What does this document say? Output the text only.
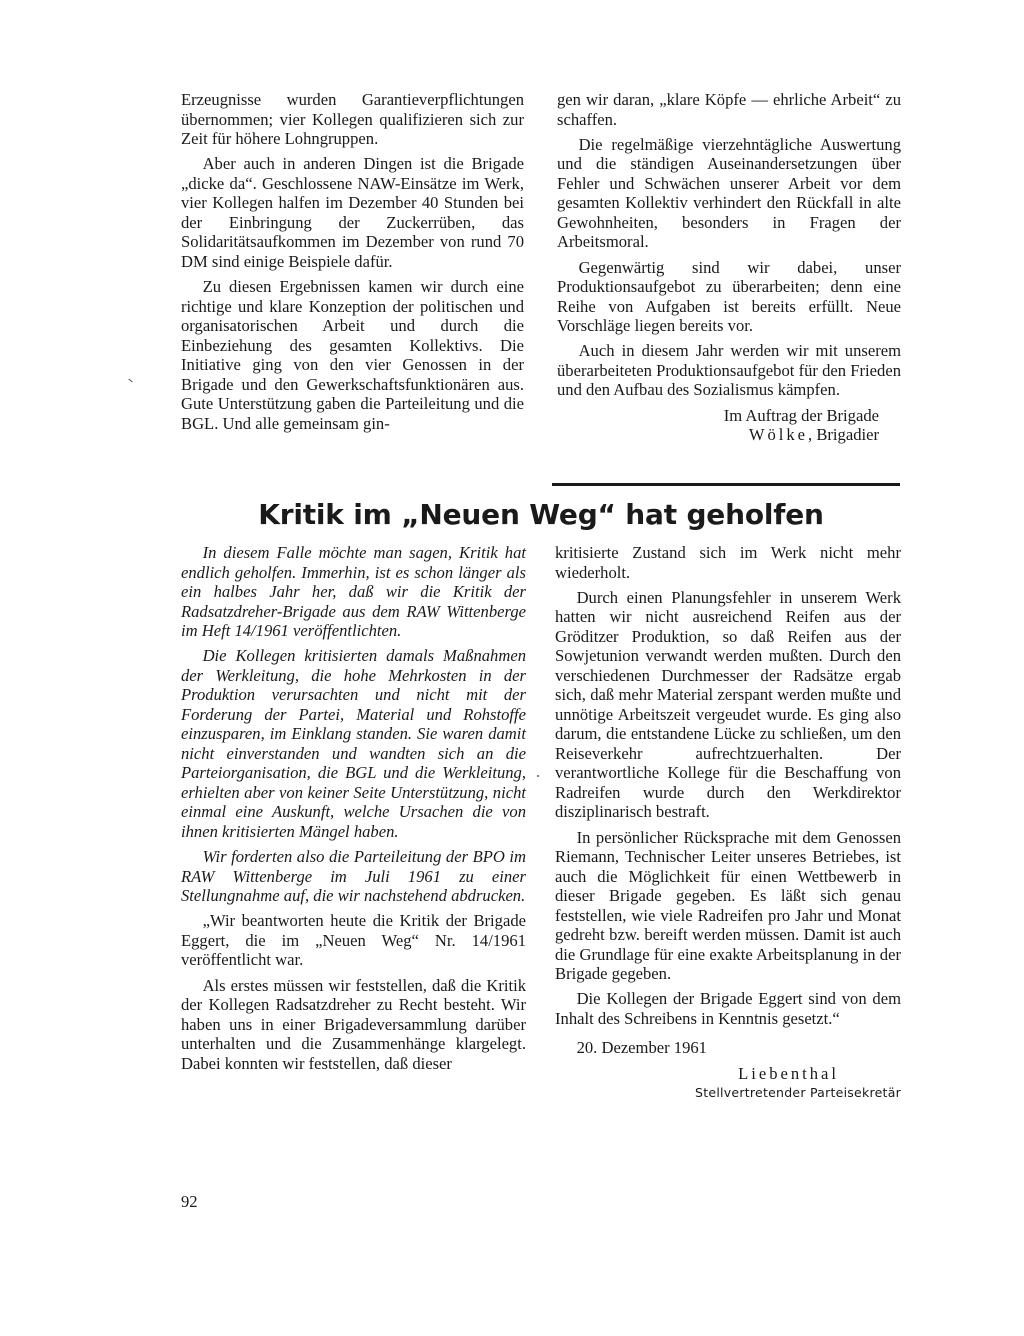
Erzeugnisse wurden Garantieverpflichtungen übernommen; vier Kollegen qualifizieren sich zur Zeit für höhere Lohngruppen.

Aber auch in anderen Dingen ist die Brigade „dicke da“. Geschlossene NAW-Einsätze im Werk, vier Kollegen halfen im Dezember 40 Stunden bei der Einbringung der Zuckerrüben, das Solidaritätsaufkommen im Dezember von rund 70 DM sind einige Beispiele dafür.

Zu diesen Ergebnissen kamen wir durch eine richtige und klare Konzeption der politischen und organisatorischen Arbeit und durch die Einbeziehung des gesamten Kollektivs. Die Initiative ging von den vier Genossen in der Brigade und den Gewerkschaftsfunktionären aus. Gute Unterstützung gaben die Parteileitung und die BGL. Und alle gemeinsam gin-

gen wir daran, „klare Köpfe — ehrliche Arbeit“ zu schaffen.

Die regelmäßige vierzehntägliche Auswertung und die ständigen Auseinandersetzungen über Fehler und Schwächen unserer Arbeit vor dem gesamten Kollektiv verhindert den Rückfall in alte Gewohnheiten, besonders in Fragen der Arbeitsmoral.

Gegenwärtig sind wir dabei, unser Produktionsaufgebot zu überarbeiten; denn eine Reihe von Aufgaben ist bereits erfüllt. Neue Vorschläge liegen bereits vor.

Auch in diesem Jahr werden wir mit unserem überarbeiteten Produktionsaufgebot für den Frieden und den Aufbau des Sozialismus kämpfen.

Im Auftrag der Brigade
Wölke, Brigadier
Kritik im „Neuen Weg“ hat geholfen

In diesem Falle möchte man sagen, Kritik hat endlich geholfen. Immerhin, ist es schon länger als ein halbes Jahr her, daß wir die Kritik der Radsatzdreher-Brigade aus dem RAW Wittenberge im Heft 14/1961 veröffentlichten.

Die Kollegen kritisierten damals Maßnahmen der Werkleitung, die hohe Mehrkosten in der Produktion verursachten und nicht mit der Forderung der Partei, Material und Rohstoffe einzusparen, im Einklang standen. Sie waren damit nicht einverstanden und wandten sich an die Parteiorganisation, die BGL und die Werkleitung, erhielten aber von keiner Seite Unterstützung, nicht einmal eine Auskunft, welche Ursachen die von ihnen kritisierten Mängel haben.

Wir forderten also die Parteileitung der BPO im RAW Wittenberge im Juli 1961 zu einer Stellungnahme auf, die wir nachstehend abdrucken.

„Wir beantworten heute die Kritik der Brigade Eggert, die im „Neuen Weg“ Nr. 14/1961 veröffentlicht war.

Als erstes müssen wir feststellen, daß die Kritik der Kollegen Radsatzdreher zu Recht besteht. Wir haben uns in einer Brigadeversammlung darüber unterhalten und die Zusammenhänge klargelegt. Dabei konnten wir feststellen, daß dieser

kritisierte Zustand sich im Werk nicht mehr wiederholt.

Durch einen Planungsfehler in unserem Werk hatten wir nicht ausreichend Reifen aus der Gröditzer Produktion, so daß Reifen aus der Sowjetunion verwandt werden mußten. Durch den verschiedenen Durchmesser der Radsätze ergab sich, daß mehr Material zerspant werden mußte und unnötige Arbeitszeit vergeudet wurde. Es ging also darum, die entstandene Lücke zu schließen, um den Reiseverkehr aufrechtzuerhalten. Der verantwortliche Kollege für die Beschaffung von Radreifen wurde durch den Werkdirektor disziplinarisch bestraft.

In persönlicher Rücksprache mit dem Genossen Riemann, Technischer Leiter unseres Betriebes, ist auch die Möglichkeit für einen Wettbewerb in dieser Brigade gegeben. Es läßt sich genau feststellen, wie viele Radreifen pro Jahr und Monat gedreht bzw. bereift werden müssen. Damit ist auch die Grundlage für eine exakte Arbeitsplanung in der Brigade gegeben.

Die Kollegen der Brigade Eggert sind von dem Inhalt des Schreibens in Kenntnis gesetzt.“

20. Dezember 1961

Liebenthal
Stellvertretender Parteisekretär
92
